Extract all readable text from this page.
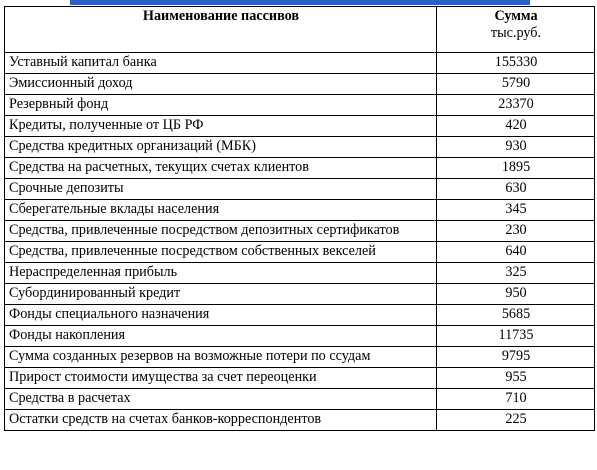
Наименование пассивов	Сумма
тыс.руб.

Уставный капитал банка	155330
Эмиссионный доход	5790
Резервный фонд	23370
Кредиты, полученные от ЦБ РФ	420
Средства кредитных организаций (МБК)	930
Средства на расчетных, текущих счетах клиентов	1895
Срочные депозиты	630
Сберегательные вклады населения	345
Средства, привлеченные посредством депозитных сертификатов	230
Средства, привлеченные посредством собственных векселей	640
Нераспределенная прибыль	325
Субординированный кредит	950
Фонды специального назначения	5685
Фонды накопления	11735
Сумма созданных резервов на возможные потери по ссудам	9795
Прирост стоимости имущества за счет переоценки	955
Средства в расчетах	710
Остатки средств на счетах банков-корреспондентов	225
